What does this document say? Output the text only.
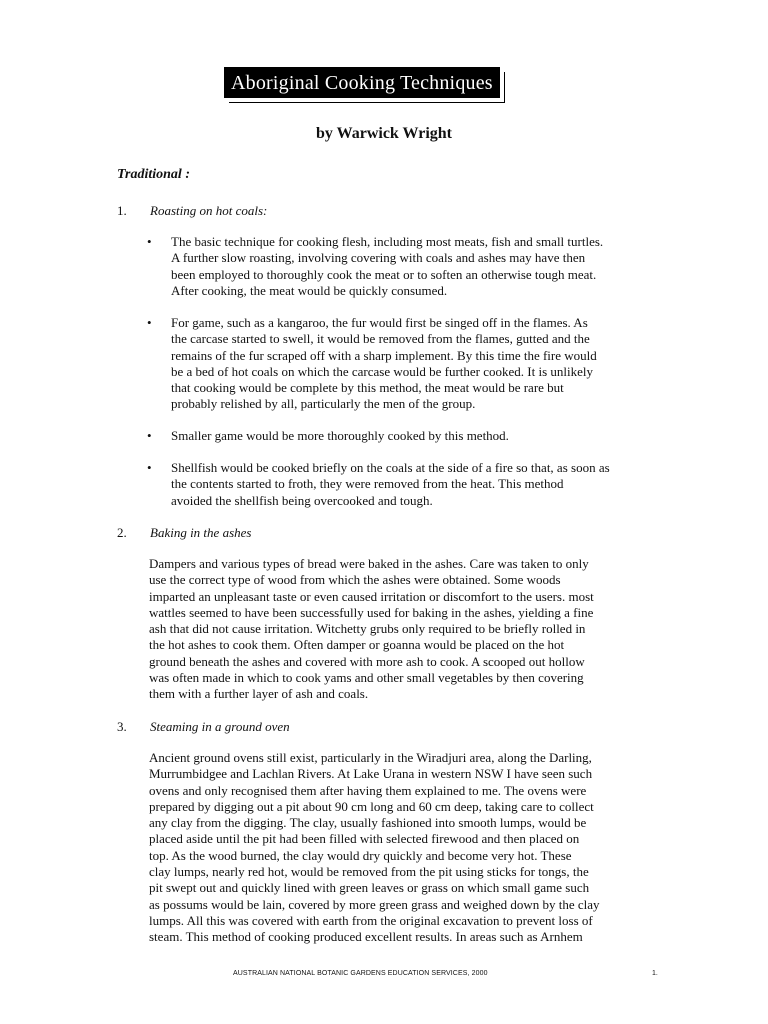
Aboriginal Cooking Techniques
by Warwick Wright
Traditional :
1. Roasting on hot coals:
• The basic technique for cooking flesh, including most meats, fish and small turtles.
A further slow roasting, involving covering with coals and ashes may have then
been employed to thoroughly cook the meat or to soften an otherwise tough meat.
After cooking, the meat would be quickly consumed.
• For game, such as a kangaroo, the fur would first be singed off in the flames. As
the carcase started to swell, it would be removed from the flames, gutted and the
remains of the fur scraped off with a sharp implement. By this time the fire would
be a bed of hot coals on which the carcase would be further cooked. It is unlikely
that cooking would be complete by this method, the meat would be rare but
probably relished by all, particularly the men of the group.
• Smaller game would be more thoroughly cooked by this method.
• Shellfish would be cooked briefly on the coals at the side of a fire so that, as soon as
the contents started to froth, they were removed from the heat. This method
avoided the shellfish being overcooked and tough.
2. Baking in the ashes
Dampers and various types of bread were baked in the ashes. Care was taken to only
use the correct type of wood from which the ashes were obtained. Some woods
imparted an unpleasant taste or even caused irritation or discomfort to the users. most
wattles seemed to have been successfully used for baking in the ashes, yielding a fine
ash that did not cause irritation. Witchetty grubs only required to be briefly rolled in
the hot ashes to cook them. Often damper or goanna would be placed on the hot
ground beneath the ashes and covered with more ash to cook. A scooped out hollow
was often made in which to cook yams and other small vegetables by then covering
them with a further layer of ash and coals.
3. Steaming in a ground oven
Ancient ground ovens still exist, particularly in the Wiradjuri area, along the Darling,
Murrumbidgee and Lachlan Rivers. At Lake Urana in western NSW I have seen such
ovens and only recognised them after having them explained to me. The ovens were
prepared by digging out a pit about 90 cm long and 60 cm deep, taking care to collect
any clay from the digging. The clay, usually fashioned into smooth lumps, would be
placed aside until the pit had been filled with selected firewood and then placed on
top. As the wood burned, the clay would dry quickly and become very hot. These
clay lumps, nearly red hot, would be removed from the pit using sticks for tongs, the
pit swept out and quickly lined with green leaves or grass on which small game such
as possums would be lain, covered by more green grass and weighed down by the clay
lumps. All this was covered with earth from the original excavation to prevent loss of
steam. This method of cooking produced excellent results. In areas such as Arnhem
AUSTRALIAN NATIONAL BOTANIC GARDENS EDUCATION SERVICES, 2000	1.
